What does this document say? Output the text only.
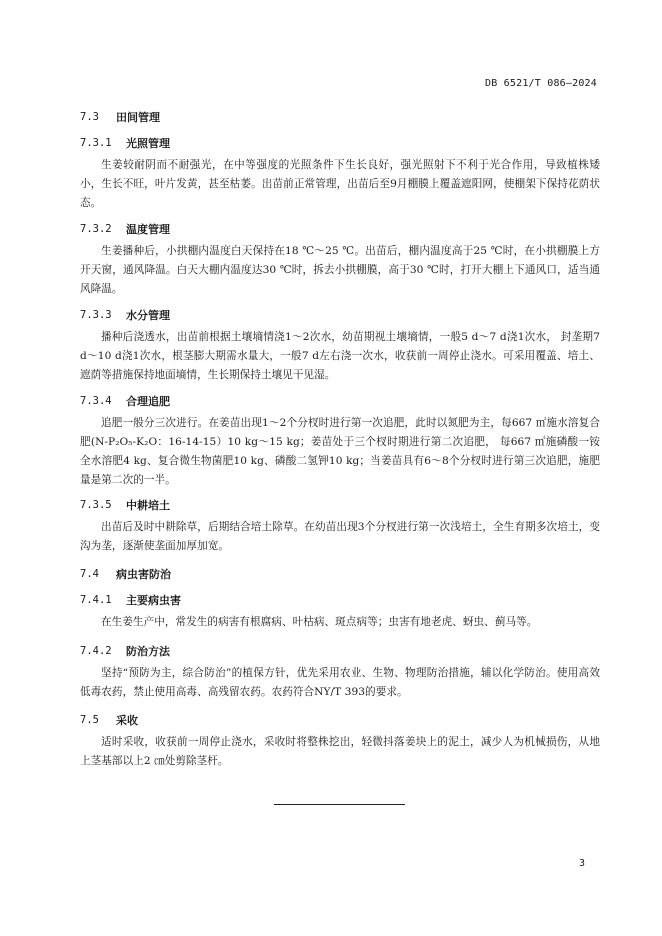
DB 6521/T 086—2024
7.3	田间管理
7.3.1	光照管理
生姜较耐阴而不耐强光，在中等强度的光照条件下生长良好，强光照射下不利于光合作用，导致植株矮小，生长不旺，叶片发黄，甚至枯萎。出苗前正常管理，出苗后至9月棚膜上覆盖遮阳网，使棚架下保持花荫状态。
7.3.2	温度管理
生姜播种后，小拱棚内温度白天保持在18 ℃～25 ℃。出苗后，棚内温度高于25 ℃时，在小拱棚膜上方开天窗，通风降温。白天大棚内温度达30 ℃时，拆去小拱棚膜，高于30 ℃时，打开大棚上下通风口，适当通风降温。
7.3.3	水分管理
播种后浇透水，出苗前根据土壤墒情浇1～2次水，幼苗期视土壤墒情，一般5 d～7 d浇1次水， 封垄期7 d～10 d浇1次水，根茎膨大期需水量大，一般7 d左右浇一次水，收获前一周停止浇水。可采用覆盖、培土、遮荫等措施保持地面墒情，生长期保持土壤见干见湿。
7.3.4	合理追肥
追肥一般分三次进行。在姜苗出现1～2个分杈时进行第一次追肥，此时以氮肥为主，每667 ㎡施水溶复合肥(N-P₂O₅-K₂O：16-14-15）10 kg～15 kg；姜苗处于三个杈时期进行第二次追肥， 每667 ㎡施磷酸一铵全水溶肥4 kg、复合微生物菌肥10 kg、磷酸二氢钾10 kg；当姜苗具有6～8个分杈时进行第三次追肥，施肥量是第二次的一半。
7.3.5	中耕培土
出苗后及时中耕除草，后期结合培土除草。在幼苗出现3个分杈进行第一次浅培土，全生育期多次培土，变沟为垄，逐渐使垄面加厚加宽。
7.4	病虫害防治
7.4.1	主要病虫害
在生姜生产中，常发生的病害有根腐病、叶枯病、斑点病等；虫害有地老虎、蚜虫、蓟马等。
7.4.2	防治方法
坚持“预防为主，综合防治”的植保方针，优先采用农业、生物、物理防治措施，辅以化学防治。使用高效低毒农药，禁止使用高毒、高残留农药。农药符合NY/T 393的要求。
7.5	采收
适时采收，收获前一周停止浇水，采收时将整株挖出，轻微抖落姜块上的泥土，减少人为机械损伤，从地上茎基部以上2 ㎝处剪除茎杆。
3
